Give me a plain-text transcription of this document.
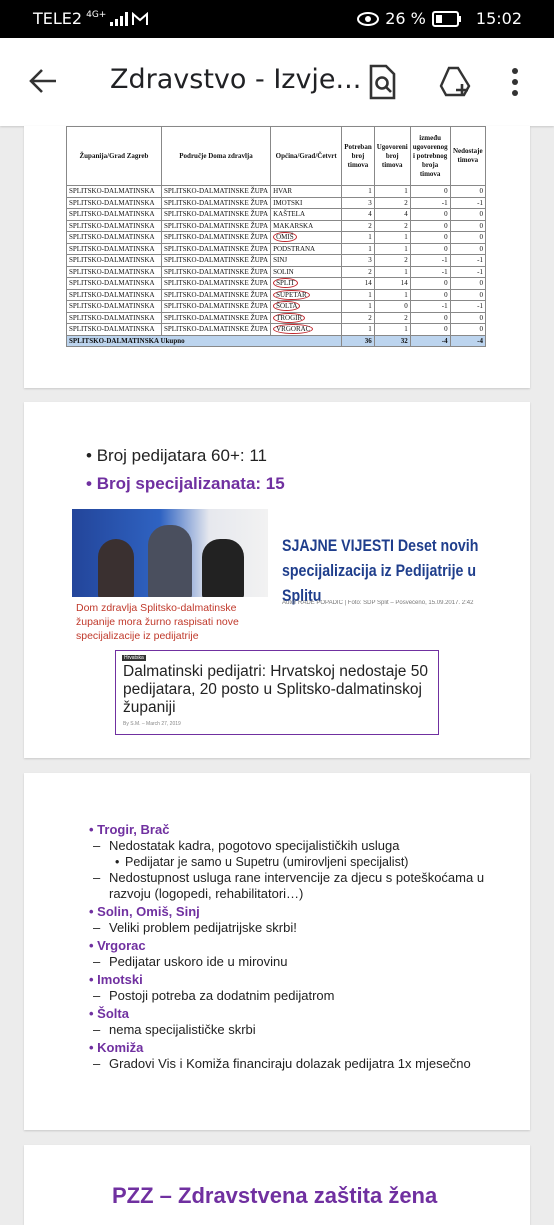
TELE2 4G+	26 %	15:02
Zdravstvo - Izvje...
Županija/Grad Zagreb	Područje Doma zdravlja	Općina/Grad/Četvrt	Potreban broj timova	Ugovoreni broj timova	između ugovorenog i potrebnog broja timova	Nedostaje timova
SPLITSKO-DALMATINSKA	SPLITSKO-DALMATINSKE ŽUPA	HVAR	1	1	0	0
SPLITSKO-DALMATINSKA	SPLITSKO-DALMATINSKE ŽUPA	IMOTSKI	3	2	-1	-1
SPLITSKO-DALMATINSKA	SPLITSKO-DALMATINSKE ŽUPA	KAŠTELA	4	4	0	0
SPLITSKO-DALMATINSKA	SPLITSKO-DALMATINSKE ŽUPA	MAKARSKA	2	2	0	0
SPLITSKO-DALMATINSKA	SPLITSKO-DALMATINSKE ŽUPA	OMIŠ	1	1	0	0
SPLITSKO-DALMATINSKA	SPLITSKO-DALMATINSKE ŽUPA	PODSTRANA	1	1	0	0
SPLITSKO-DALMATINSKA	SPLITSKO-DALMATINSKE ŽUPA	SINJ	3	2	-1	-1
SPLITSKO-DALMATINSKA	SPLITSKO-DALMATINSKE ŽUPA	SOLIN	2	1	-1	-1
SPLITSKO-DALMATINSKA	SPLITSKO-DALMATINSKE ŽUPA	SPLIT	14	14	0	0
SPLITSKO-DALMATINSKA	SPLITSKO-DALMATINSKE ŽUPA	SUPETAR	1	1	0	0
SPLITSKO-DALMATINSKA	SPLITSKO-DALMATINSKE ŽUPA	ŠOLTA	1	0	-1	-1
SPLITSKO-DALMATINSKA	SPLITSKO-DALMATINSKE ŽUPA	TROGIR	2	2	0	0
SPLITSKO-DALMATINSKA	SPLITSKO-DALMATINSKE ŽUPA	VRGORAC	1	1	0	0
SPLITSKO-DALMATINSKA Ukupno			36	32	-4	-4
• Broj pedijatara 60+: 11
• Broj specijalizanata: 15
Dom zdravlja Splitsko-dalmatinske županije mora žurno raspisati nove specijalizacije iz pedijatrije
SJAJNE VIJESTI Deset novih specijalizacija iz Pedijatrije u Splitu
Autor RADE POPADIĆ | Foto: SDP Split – Posvećeno, 15.09.2017. 2:42
Hrvatska
Dalmatinski pedijatri: Hrvatskoj nedostaje 50 pedijatara, 20 posto u Splitsko-dalmatinskoj županiji
By S.M. – March 27, 2019
• Trogir, Brač
– Nedostatak kadra, pogotovo specijalističkih usluga
• Pedijatar je samo u Supetru (umirovljeni specijalist)
– Nedostupnost usluga rane intervencije za djecu s poteškoćama u razvoju (logopedi, rehabilitatori…)
• Solin, Omiš, Sinj
– Veliki problem pedijatrijske skrbi!
• Vrgorac
– Pedijatar uskoro ide u mirovinu
• Imotski
– Postoji potreba za dodatnim pedijatrom
• Šolta
– nema specijalističke skrbi
• Komiža
– Gradovi Vis i Komiža financiraju dolazak pedijatra 1x mjesečno
PZZ – Zdravstvena zaštita žena
